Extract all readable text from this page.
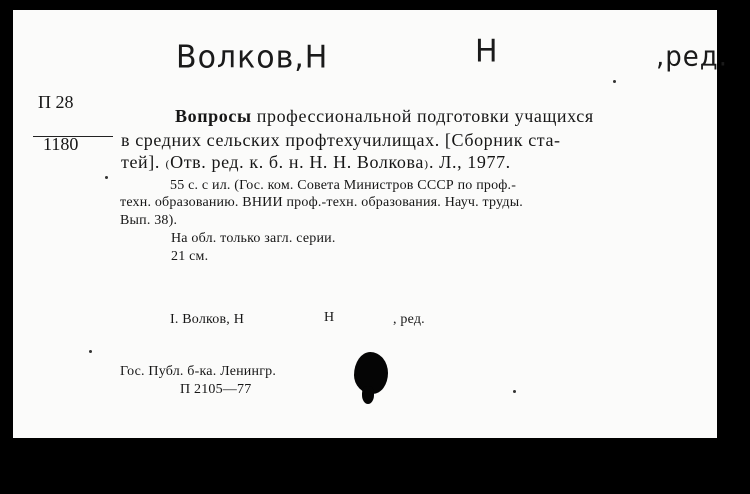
Волков,Н	Н	,ред.
П 28
1180
Вопросы профессиональной подготовки учащихся
в средних сельских профтехучилищах. [Сборник ста-
тей]. ₍Отв. ред. к. б. н. Н. Н. Волкова₎. Л., 1977.
55 с. с ил. (Гос. ком. Совета Министров СССР по проф.-
техн. образованию. ВНИИ проф.-техн. образования. Науч. труды.
Вып. 38).
На обл. только загл. серии.
21 см.
I. Волков, Н	Н	, ред.
Гос. Публ. б-ка. Ленингр.
П 2105—77
